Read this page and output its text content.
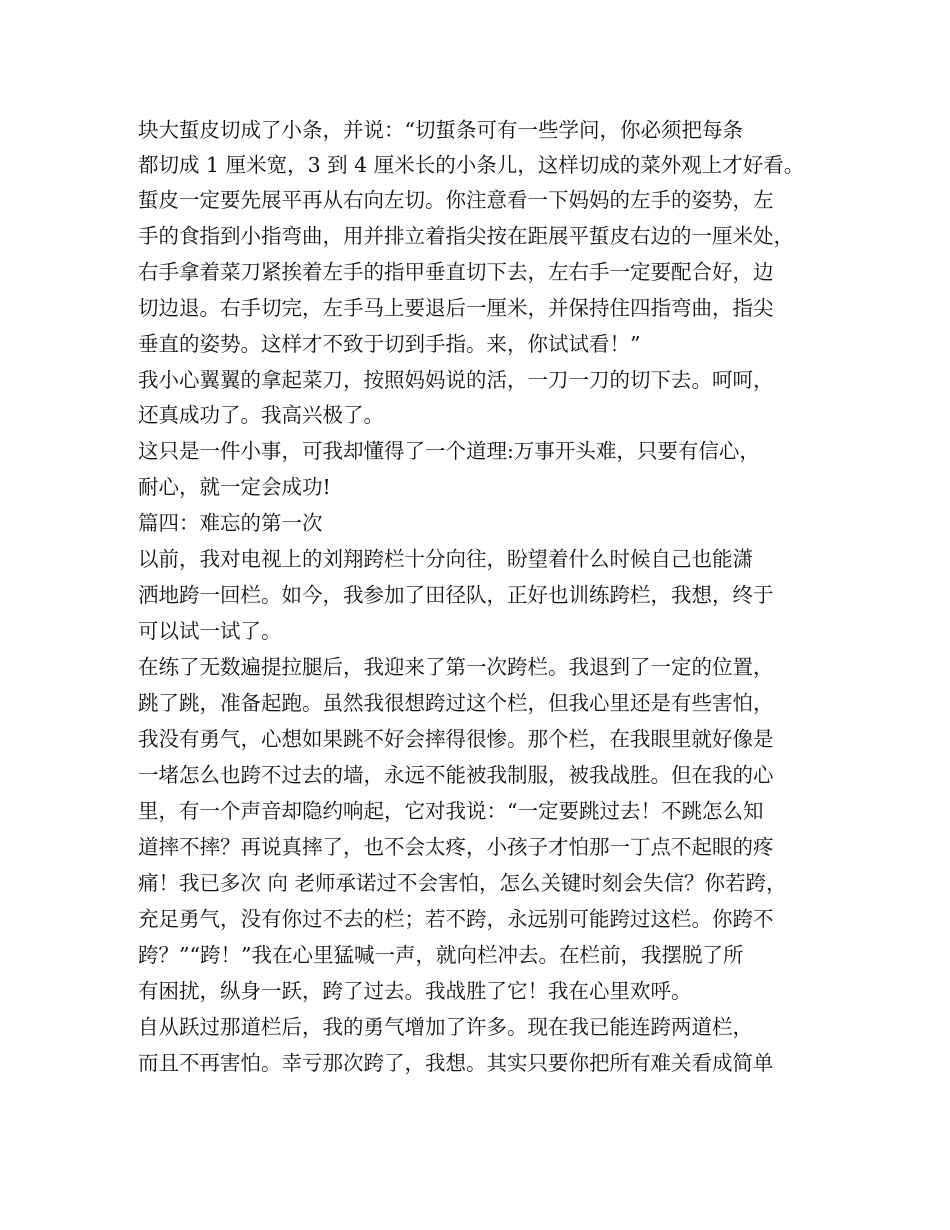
块大蜇皮切成了小条，并说：“切蜇条可有一些学问，你必须把每条
都切成 1 厘米宽，3 到 4 厘米长的小条儿，这样切成的菜外观上才好看。
蜇皮一定要先展平再从右向左切。你注意看一下妈妈的左手的姿势，左
手的食指到小指弯曲，用并排立着指尖按在距展平蜇皮右边的一厘米处，
右手拿着菜刀紧挨着左手的指甲垂直切下去，左右手一定要配合好，边
切边退。右手切完，左手马上要退后一厘米，并保持住四指弯曲，指尖
垂直的姿势。这样才不致于切到手指。来，你试试看！”
我小心翼翼的拿起菜刀，按照妈妈说的活，一刀一刀的切下去。呵呵，
还真成功了。我高兴极了。
这只是一件小事，可我却懂得了一个道理:万事开头难，只要有信心，
耐心，就一定会成功!
篇四：难忘的第一次
以前，我对电视上的刘翔跨栏十分向往，盼望着什么时候自己也能潇
洒地跨一回栏。如今，我参加了田径队，正好也训练跨栏，我想，终于
可以试一试了。
在练了无数遍提拉腿后，我迎来了第一次跨栏。我退到了一定的位置，
跳了跳，准备起跑。虽然我很想跨过这个栏，但我心里还是有些害怕，
我没有勇气，心想如果跳不好会摔得很惨。那个栏，在我眼里就好像是
一堵怎么也跨不过去的墙，永远不能被我制服，被我战胜。但在我的心
里，有一个声音却隐约响起，它对我说：“一定要跳过去！不跳怎么知
道摔不摔？再说真摔了，也不会太疼，小孩子才怕那一丁点不起眼的疼
痛！我已多次 向 老师承诺过不会害怕，怎么关键时刻会失信？你若跨，
充足勇气，没有你过不去的栏；若不跨，永远别可能跨过这栏。你跨不
跨？”“跨！”我在心里猛喊一声，就向栏冲去。在栏前，我摆脱了所
有困扰，纵身一跃，跨了过去。我战胜了它！我在心里欢呼。
自从跃过那道栏后，我的勇气增加了许多。现在我已能连跨两道栏，
而且不再害怕。幸亏那次跨了，我想。其实只要你把所有难关看成简单
